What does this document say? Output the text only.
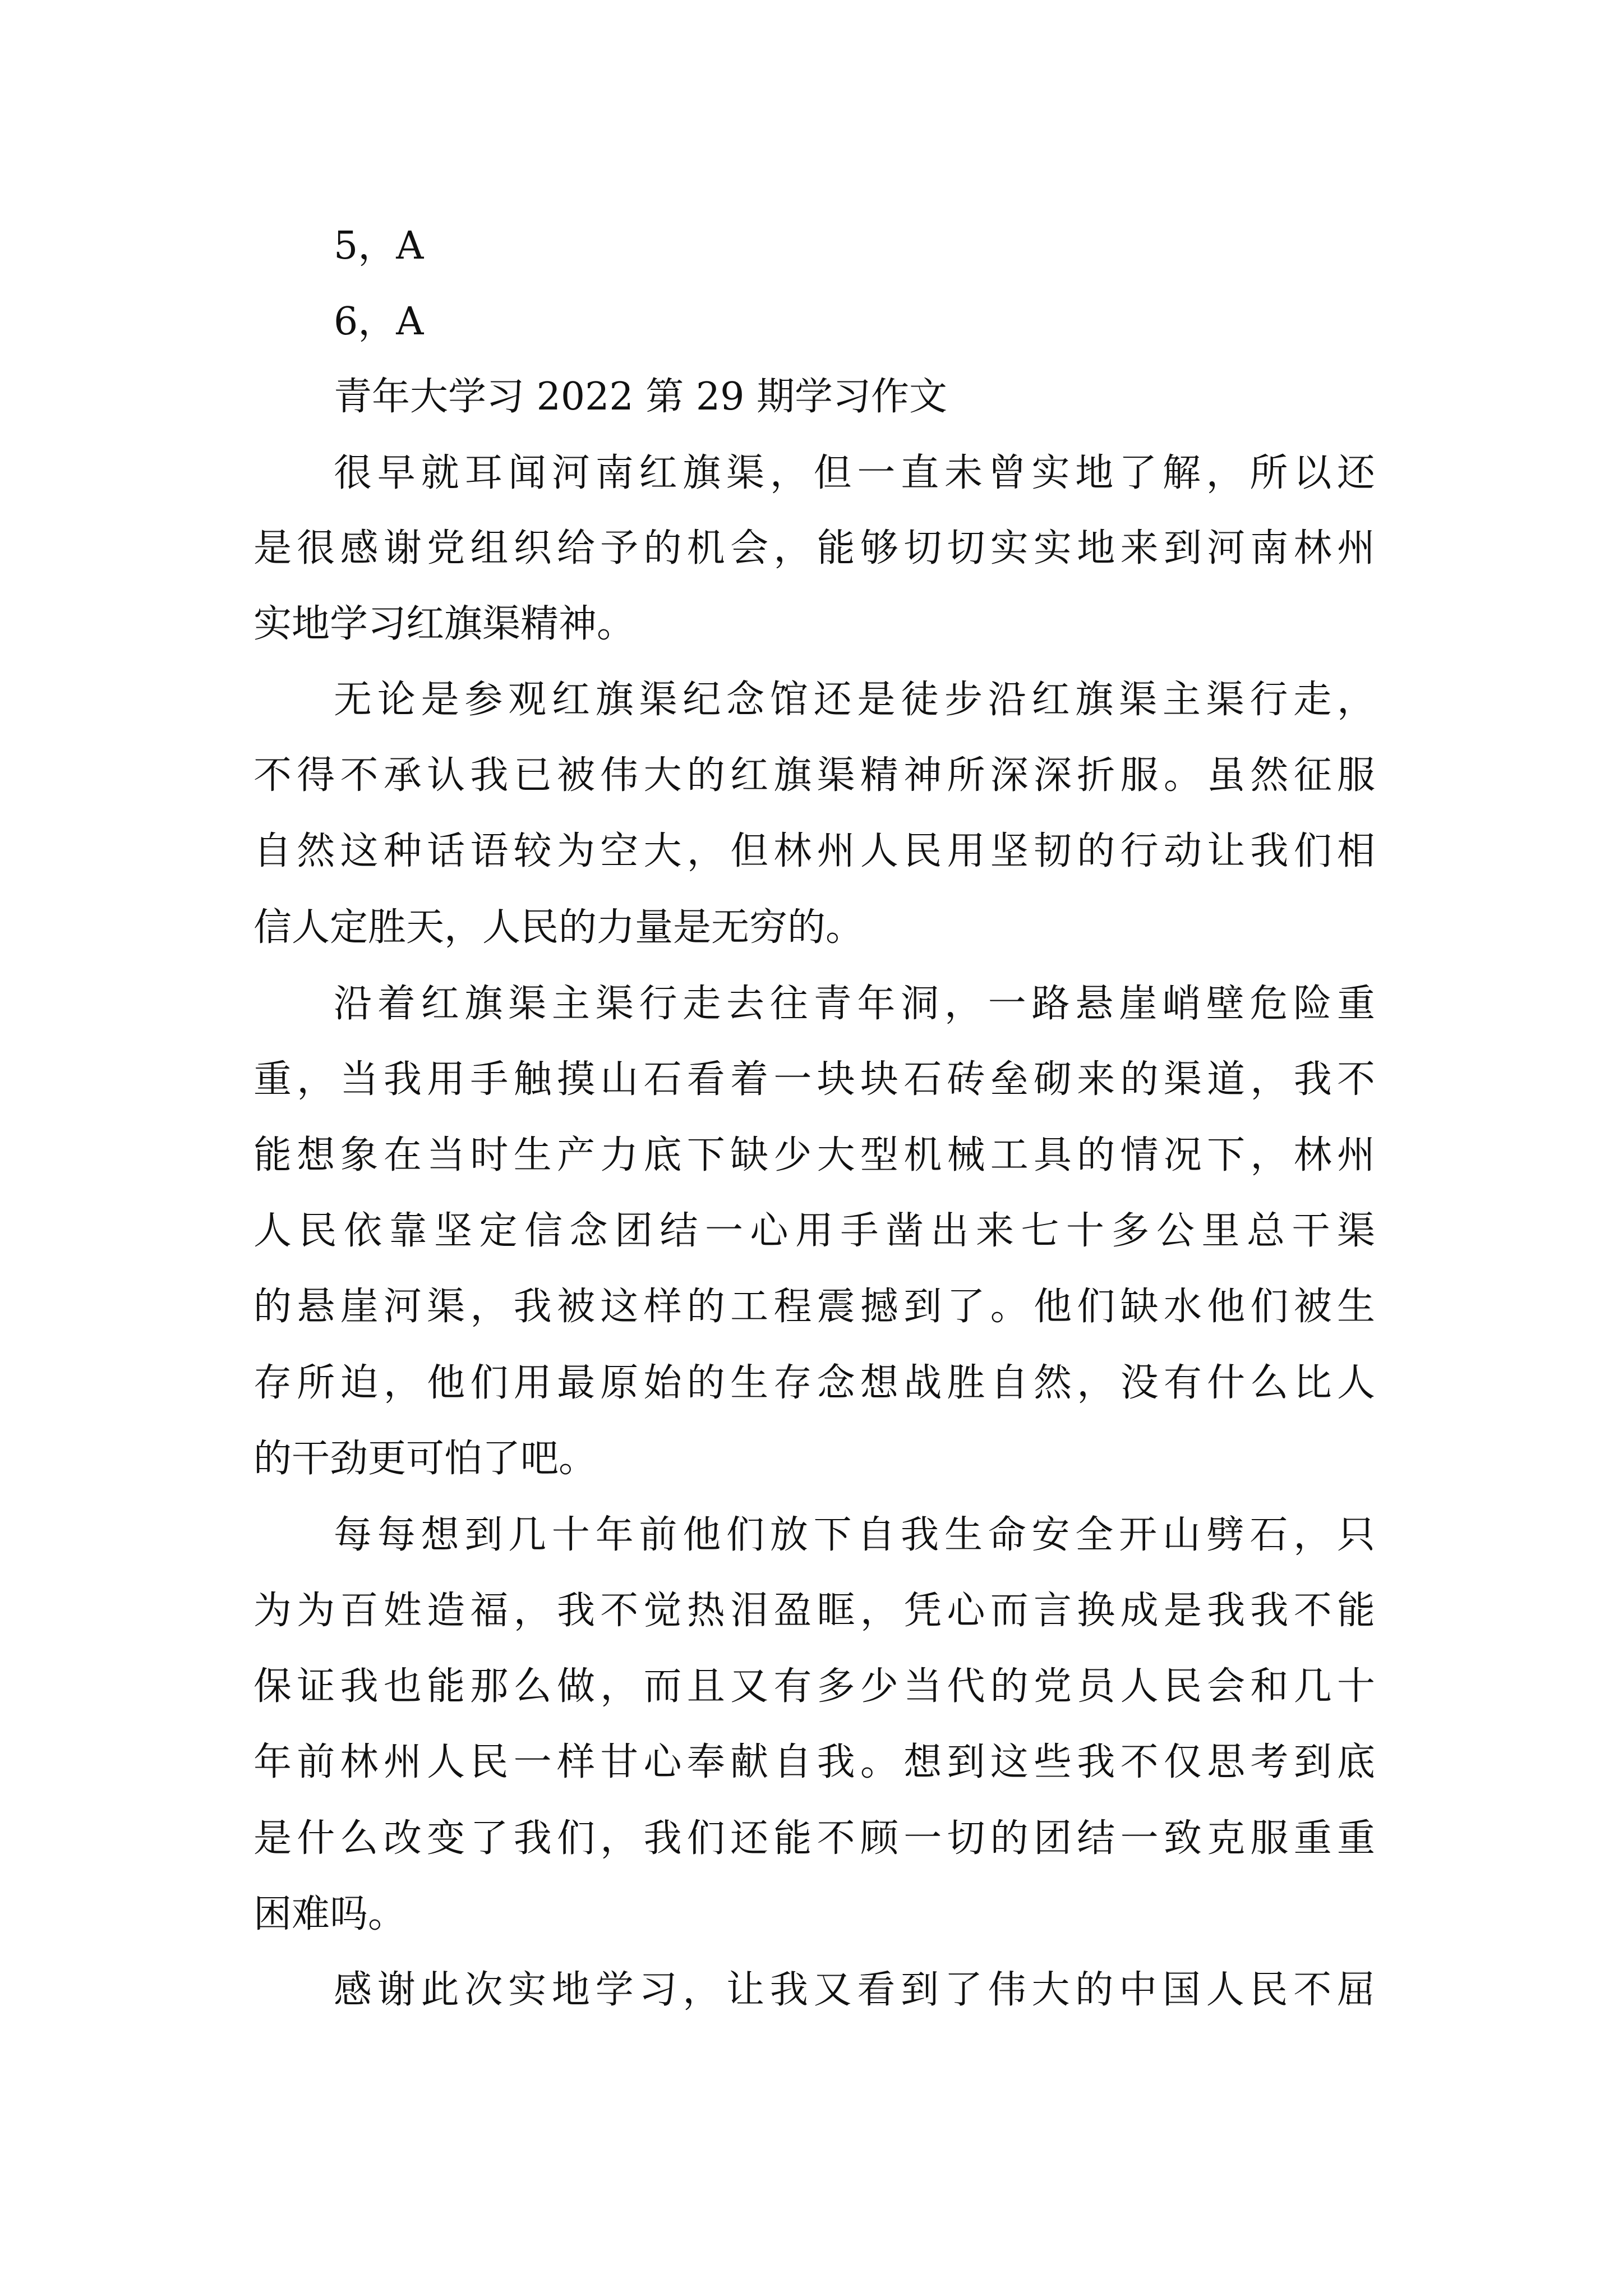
5，A
6，A
青年大学习 2022 第 29 期学习作文
很早就耳闻河南红旗渠，但一直未曾实地了解，所以还
是很感谢党组织给予的机会，能够切切实实地来到河南林州
实地学习红旗渠精神。
无论是参观红旗渠纪念馆还是徒步沿红旗渠主渠行走，
不得不承认我已被伟大的红旗渠精神所深深折服。虽然征服
自然这种话语较为空大，但林州人民用坚韧的行动让我们相
信人定胜天，人民的力量是无穷的。
沿着红旗渠主渠行走去往青年洞，一路悬崖峭壁危险重
重，当我用手触摸山石看着一块块石砖垒砌来的渠道，我不
能想象在当时生产力底下缺少大型机械工具的情况下，林州
人民依靠坚定信念团结一心用手凿出来七十多公里总干渠
的悬崖河渠，我被这样的工程震撼到了。他们缺水他们被生
存所迫，他们用最原始的生存念想战胜自然，没有什么比人
的干劲更可怕了吧。
每每想到几十年前他们放下自我生命安全开山劈石，只
为为百姓造福，我不觉热泪盈眶，凭心而言换成是我我不能
保证我也能那么做，而且又有多少当代的党员人民会和几十
年前林州人民一样甘心奉献自我。想到这些我不仅思考到底
是什么改变了我们，我们还能不顾一切的团结一致克服重重
困难吗。
感谢此次实地学习，让我又看到了伟大的中国人民不屈
